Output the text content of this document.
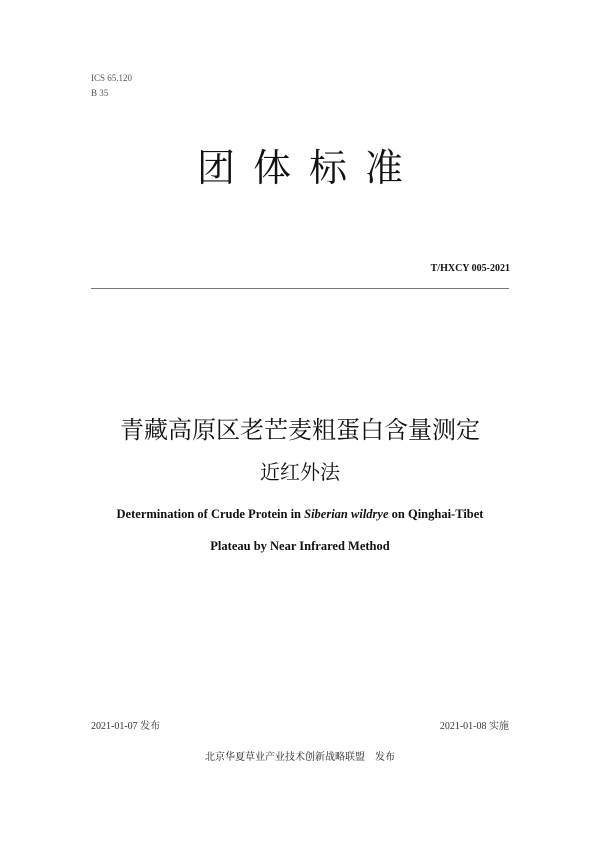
ICS 65.120
B 35
团体标准
T/HXCY 005-2021
青藏高原区老芒麦粗蛋白含量测定
近红外法
Determination of Crude Protein in Siberian wildrye on Qinghai-Tibet
Plateau by Near Infrared Method
2021-01-07 发布	2021-01-08 实施
北京华夏草业产业技术创新战略联盟 发布
